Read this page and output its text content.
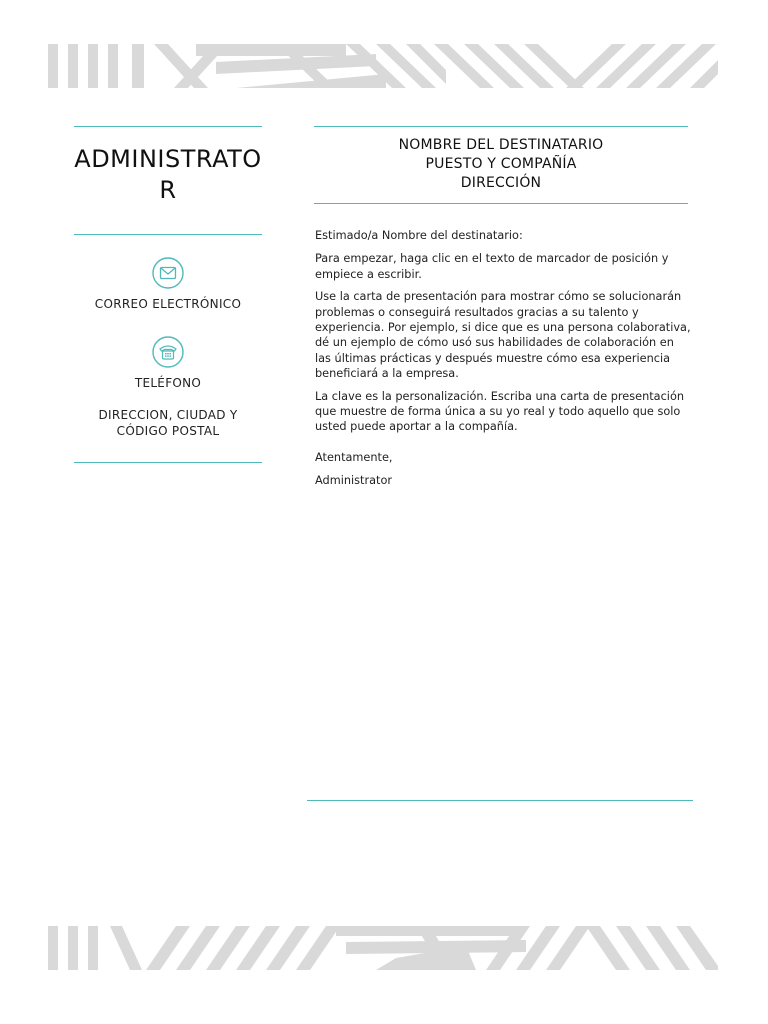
ADMINISTRATOR
CORREO ELECTRÓNICO
TELÉFONO
DIRECCION, CIUDAD Y CÓDIGO POSTAL
NOMBRE DEL DESTINATARIO
PUESTO Y COMPAÑÍA
DIRECCIÓN

Estimado/a Nombre del destinatario:

Para empezar, haga clic en el texto de marcador de posición y empiece a escribir.

Use la carta de presentación para mostrar cómo se solucionarán problemas o conseguirá resultados gracias a su talento y experiencia. Por ejemplo, si dice que es una persona colaborativa, dé un ejemplo de cómo usó sus habilidades de colaboración en las últimas prácticas y después muestre cómo esa experiencia beneficiará a la empresa.

La clave es la personalización. Escriba una carta de presentación que muestre de forma única a su yo real y todo aquello que solo usted puede aportar a la compañía.

Atentamente,

Administrator
